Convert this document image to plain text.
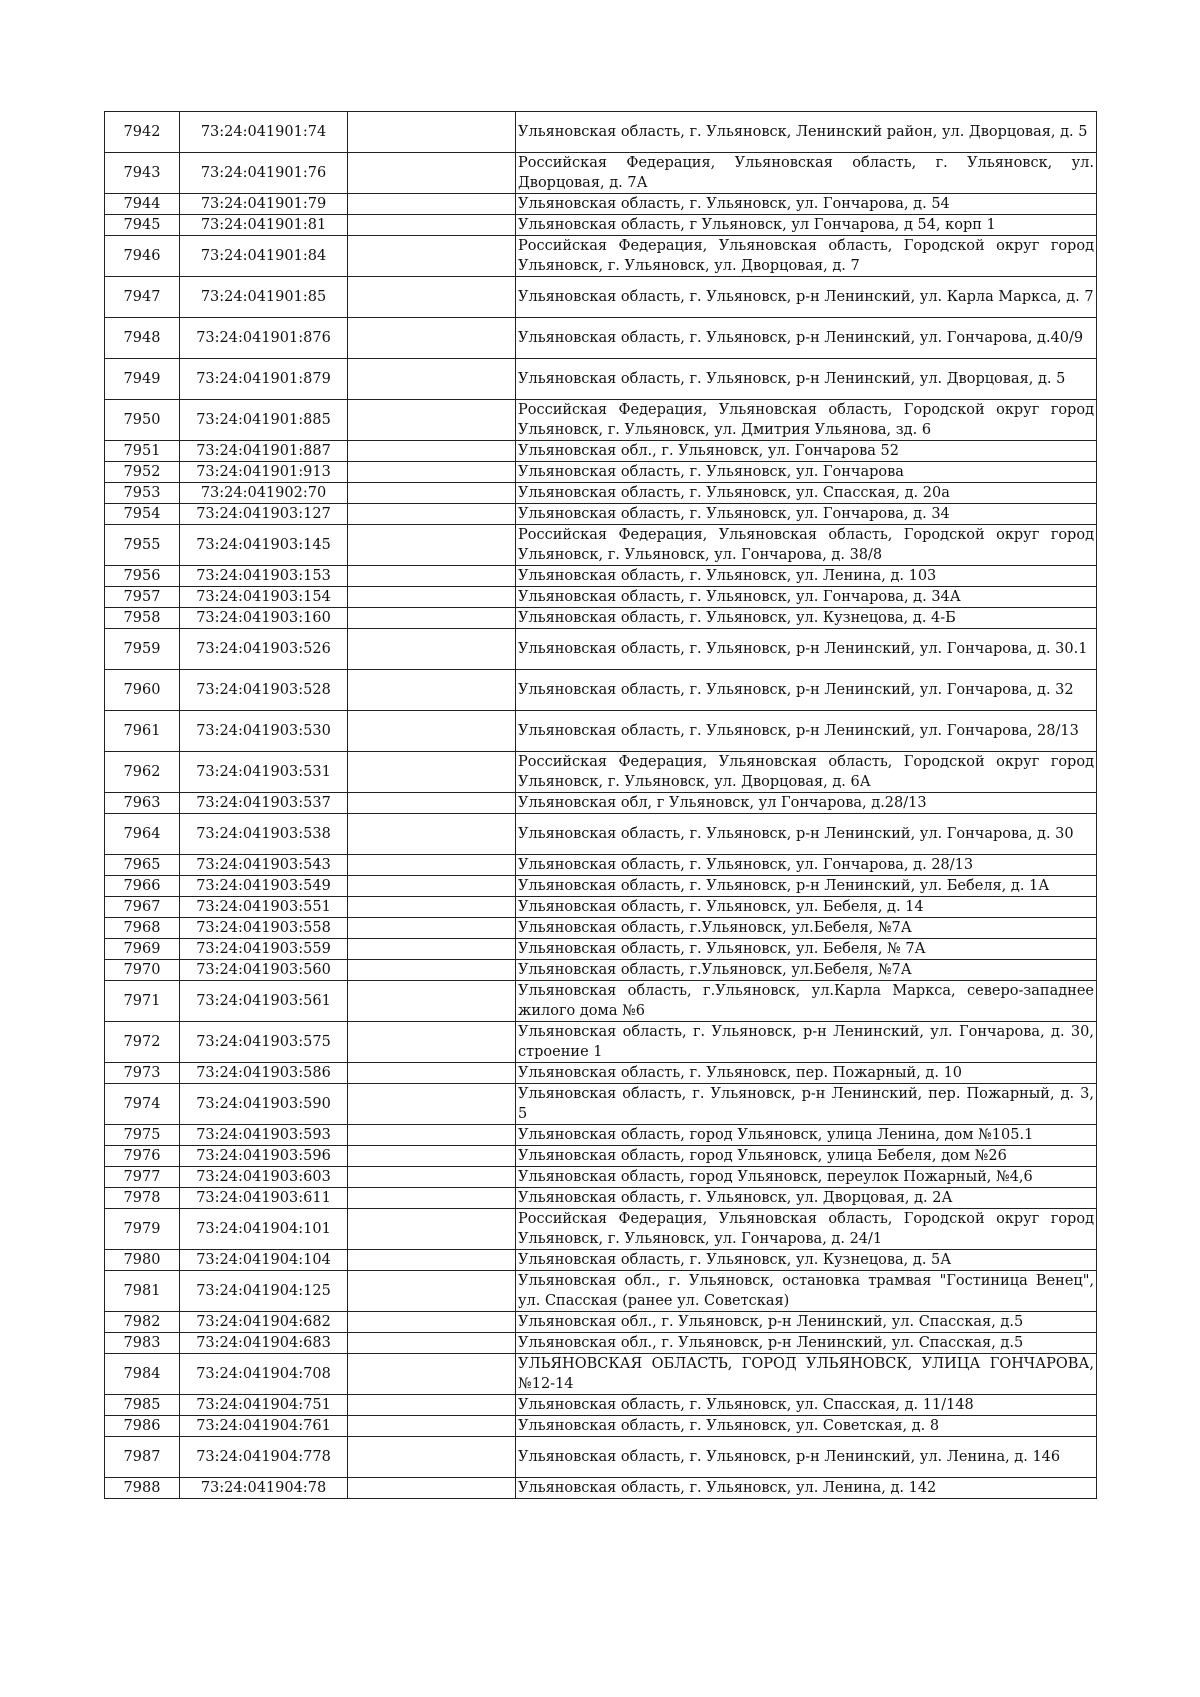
7942	73:24:041901:74		Ульяновская область, г. Ульяновск, Ленинский район, ул. Дворцовая, д. 5
7943	73:24:041901:76		Российская Федерация, Ульяновская область, г. Ульяновск, ул. Дворцовая, д. 7А
7944	73:24:041901:79		Ульяновская область, г. Ульяновск, ул. Гончарова, д. 54
7945	73:24:041901:81		Ульяновская область, г Ульяновск, ул Гончарова, д 54, корп 1
7946	73:24:041901:84		Российская Федерация, Ульяновская область, Городской округ город Ульяновск, г. Ульяновск, ул. Дворцовая, д. 7
7947	73:24:041901:85		Ульяновская область, г. Ульяновск, р-н Ленинский, ул. Карла Маркса, д. 7
7948	73:24:041901:876		Ульяновская область, г. Ульяновск, р-н Ленинский, ул. Гончарова, д.40/9
7949	73:24:041901:879		Ульяновская область, г. Ульяновск, р-н Ленинский, ул. Дворцовая, д. 5
7950	73:24:041901:885		Российская Федерация, Ульяновская область, Городской округ город Ульяновск, г. Ульяновск, ул. Дмитрия Ульянова, зд. 6
7951	73:24:041901:887		Ульяновская обл., г. Ульяновск, ул. Гончарова 52
7952	73:24:041901:913		Ульяновская область, г. Ульяновск, ул. Гончарова
7953	73:24:041902:70		Ульяновская область, г. Ульяновск, ул. Спасская, д. 20а
7954	73:24:041903:127		Ульяновская область, г. Ульяновск, ул. Гончарова, д. 34
7955	73:24:041903:145		Российская Федерация, Ульяновская область, Городской округ город Ульяновск, г. Ульяновск, ул. Гончарова, д. 38/8
7956	73:24:041903:153		Ульяновская область, г. Ульяновск, ул. Ленина, д. 103
7957	73:24:041903:154		Ульяновская область, г. Ульяновск, ул. Гончарова, д. 34А
7958	73:24:041903:160		Ульяновская область, г. Ульяновск, ул. Кузнецова, д. 4-Б
7959	73:24:041903:526		Ульяновская область, г. Ульяновск, р-н Ленинский, ул. Гончарова, д. 30.1
7960	73:24:041903:528		Ульяновская область, г. Ульяновск, р-н Ленинский, ул. Гончарова, д. 32
7961	73:24:041903:530		Ульяновская область, г. Ульяновск, р-н Ленинский, ул. Гончарова, 28/13
7962	73:24:041903:531		Российская Федерация, Ульяновская область, Городской округ город Ульяновск, г. Ульяновск, ул. Дворцовая, д. 6А
7963	73:24:041903:537		Ульяновская обл, г Ульяновск, ул Гончарова, д.28/13
7964	73:24:041903:538		Ульяновская область, г. Ульяновск, р-н Ленинский, ул. Гончарова, д. 30
7965	73:24:041903:543		Ульяновская область, г. Ульяновск, ул. Гончарова, д. 28/13
7966	73:24:041903:549		Ульяновская область, г. Ульяновск, р-н Ленинский, ул. Бебеля, д. 1А
7967	73:24:041903:551		Ульяновская область, г. Ульяновск, ул. Бебеля, д. 14
7968	73:24:041903:558		Ульяновская область, г.Ульяновск, ул.Бебеля, №7А
7969	73:24:041903:559		Ульяновская область, г. Ульяновск, ул. Бебеля, № 7А
7970	73:24:041903:560		Ульяновская область, г.Ульяновск, ул.Бебеля, №7А
7971	73:24:041903:561		Ульяновская область, г.Ульяновск, ул.Карла Маркса, северо-западнее жилого дома №6
7972	73:24:041903:575		Ульяновская область, г. Ульяновск, р-н Ленинский, ул. Гончарова, д. 30, строение 1
7973	73:24:041903:586		Ульяновская область, г. Ульяновск, пер. Пожарный, д. 10
7974	73:24:041903:590		Ульяновская область, г. Ульяновск, р-н Ленинский, пер. Пожарный, д. 3, 5
7975	73:24:041903:593		Ульяновская область, город Ульяновск, улица Ленина, дом №105.1
7976	73:24:041903:596		Ульяновская область, город Ульяновск, улица Бебеля, дом №26
7977	73:24:041903:603		Ульяновская область, город Ульяновск, переулок Пожарный, №4,6
7978	73:24:041903:611		Ульяновская область, г. Ульяновск, ул. Дворцовая, д. 2А
7979	73:24:041904:101		Российская Федерация, Ульяновская область, Городской округ город Ульяновск, г. Ульяновск, ул. Гончарова, д. 24/1
7980	73:24:041904:104		Ульяновская область, г. Ульяновск, ул. Кузнецова, д. 5А
7981	73:24:041904:125		Ульяновская обл., г. Ульяновск, остановка трамвая "Гостиница Венец", ул. Спасская (ранее ул. Советская)
7982	73:24:041904:682		Ульяновская обл., г. Ульяновск, р-н Ленинский, ул. Спасская, д.5
7983	73:24:041904:683		Ульяновская обл., г. Ульяновск, р-н Ленинский, ул. Спасская, д.5
7984	73:24:041904:708		УЛЬЯНОВСКАЯ ОБЛАСТЬ, ГОРОД УЛЬЯНОВСК, УЛИЦА ГОНЧАРОВА, №12-14
7985	73:24:041904:751		Ульяновская область, г. Ульяновск, ул. Спасская, д. 11/148
7986	73:24:041904:761		Ульяновская область, г. Ульяновск, ул. Советская, д. 8
7987	73:24:041904:778		Ульяновская область, г. Ульяновск, р-н Ленинский, ул. Ленина, д. 146
7988	73:24:041904:78		Ульяновская область, г. Ульяновск, ул. Ленина, д. 142
